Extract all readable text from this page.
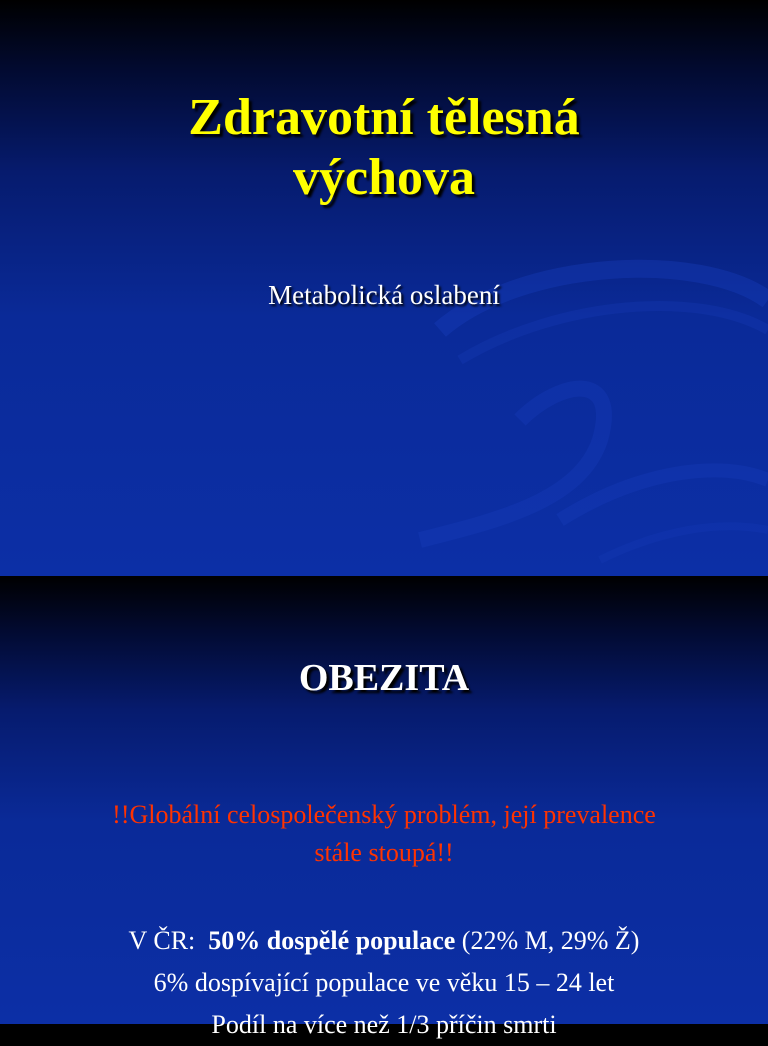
Zdravotní tělesná
výchova
Metabolická oslabení
OBEZITA
!!Globální celospolečenský problém, její prevalence
stále stoupá!!
V ČR: 50% dospělé populace (22% M, 29% Ž)
6% dospívající populace ve věku 15 – 24 let
Podíl na více než 1/3 příčin smrti
